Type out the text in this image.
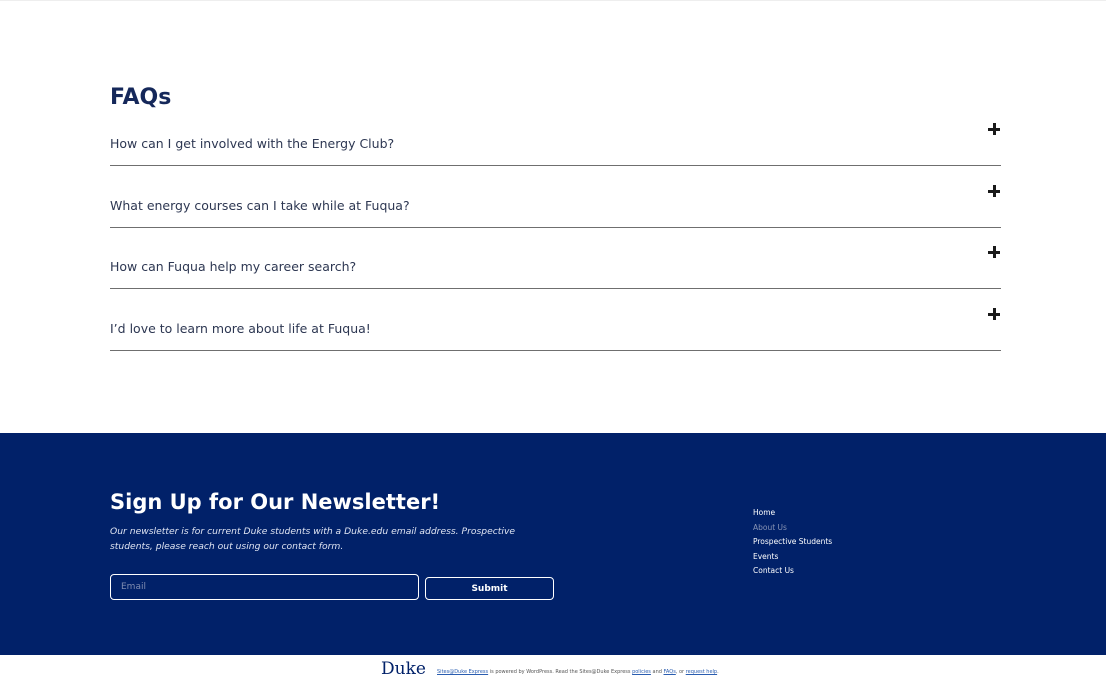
FAQs
How can I get involved with the Energy Club?
What energy courses can I take while at Fuqua?
How can Fuqua help my career search?
I’d love to learn more about life at Fuqua!
Sign Up for Our Newsletter!

Our newsletter is for current Duke students with a Duke.edu email address. Prospective students, please reach out using our contact form.

Email
Submit
Home
About Us
Prospective Students
Events
Contact Us
Duke Sites@Duke Express is powered by WordPress. Read the Sites@Duke Express policies and FAQs, or request help.
